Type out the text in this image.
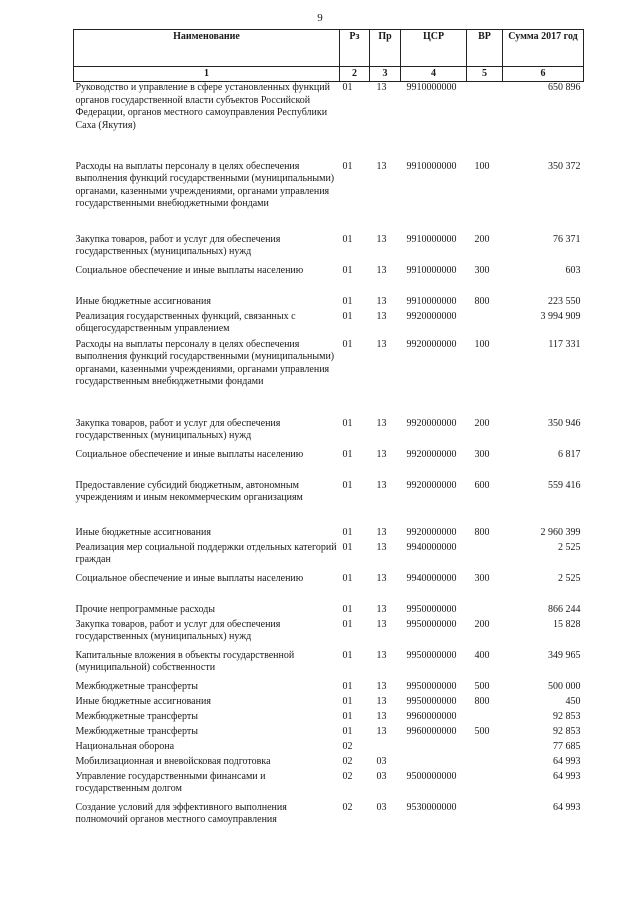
9
Наименование	Рз	Пр	ЦСР	ВР	Сумма 2017 год
1	2	3	4	5	6
Руководство и управление в сфере установленных функций органов государственной власти субъектов Российской Федерации, органов местного самоуправления Республики Саха (Якутия)	01	13	9910000000		650 896
Расходы на выплаты персоналу в целях обеспечения выполнения функций государственными (муниципальными) органами, казенными учреждениями, органами управления государственными внебюджетными фондами	01	13	9910000000	100	350 372
Закупка товаров, работ и услуг для обеспечения государственных (муниципальных) нужд	01	13	9910000000	200	76 371
Социальное обеспечение и иные выплаты населению	01	13	9910000000	300	603
Иные бюджетные ассигнования	01	13	9910000000	800	223 550
Реализация государственных функций, связанных с общегосударственным управлением	01	13	9920000000		3 994 909
Расходы на выплаты персоналу в целях обеспечения выполнения функций государственными (муниципальными) органами, казенными учреждениями, органами управления государственным внебюджетными фондами	01	13	9920000000	100	117 331
Закупка товаров, работ и услуг для обеспечения государственных (муниципальных) нужд	01	13	9920000000	200	350 946
Социальное обеспечение и иные выплаты населению	01	13	9920000000	300	6 817
Предоставление субсидий бюджетным, автономным учреждениям и иным некоммерческим организациям	01	13	9920000000	600	559 416
Иные бюджетные ассигнования	01	13	9920000000	800	2 960 399
Реализация мер социальной поддержки отдельных категорий граждан	01	13	9940000000		2 525
Социальное обеспечение и иные выплаты населению	01	13	9940000000	300	2 525
Прочие непрограммные расходы	01	13	9950000000		866 244
Закупка товаров, работ и услуг для обеспечения государственных (муниципальных) нужд	01	13	9950000000	200	15 828
Капитальные вложения в объекты государственной (муниципальной) собственности	01	13	9950000000	400	349 965
Межбюджетные трансферты	01	13	9950000000	500	500 000
Иные бюджетные ассигнования	01	13	9950000000	800	450
Межбюджетные трансферты	01	13	9960000000		92 853
Межбюджетные трансферты	01	13	9960000000	500	92 853
Национальная оборона	02				77 685
Мобилизационная и вневойсковая подготовка	02	03			64 993
Управление государственными финансами и государственным долгом	02	03	9500000000		64 993
Создание условий для эффективного выполнения полномочий органов местного самоуправления	02	03	9530000000		64 993
